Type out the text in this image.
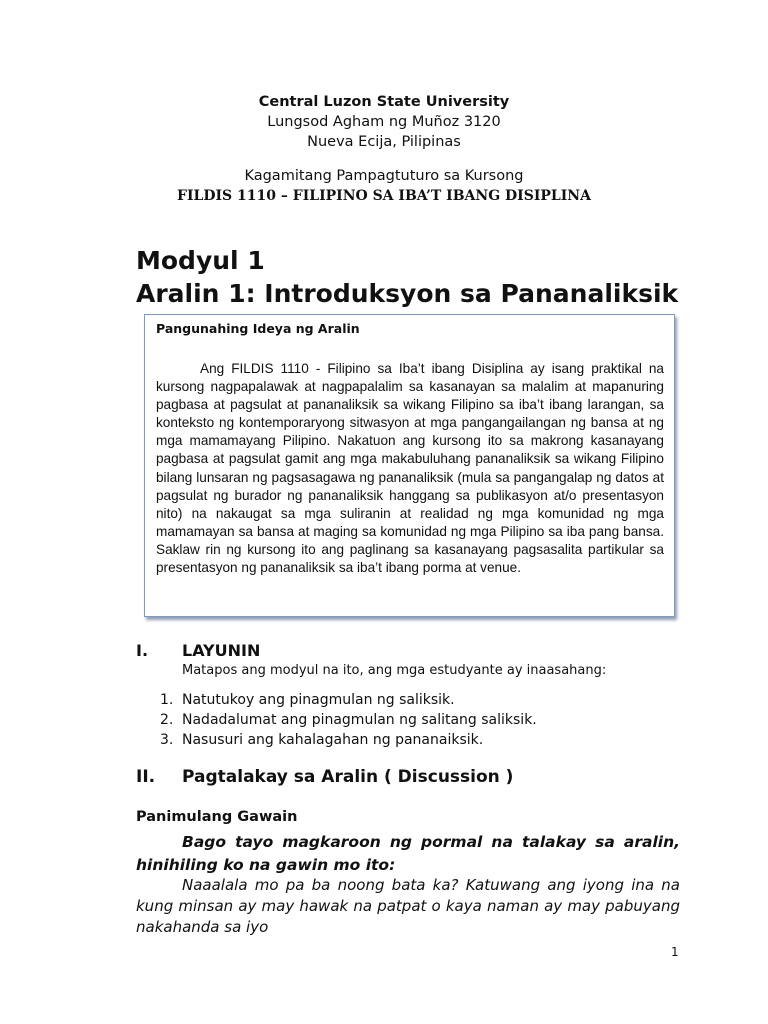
Central Luzon State University
Lungsod Agham ng Muñoz 3120
Nueva Ecija, Pilipinas
Kagamitang Pampagtuturo sa Kursong
FILDIS 1110 – FILIPINO SA IBA’T IBANG DISIPLINA
Modyul 1
Aralin 1: Introduksyon sa Pananaliksik
Pangunahing Ideya ng Aralin

Ang FILDIS 1110 - Filipino sa Iba’t ibang Disiplina ay isang praktikal na kursong nagpapalawak at nagpapalalim sa kasanayan sa malalim at mapanuring pagbasa at pagsulat at pananaliksik sa wikang Filipino sa iba’t ibang larangan, sa konteksto ng kontemporaryong sitwasyon at mga pangangailangan ng bansa at ng mga mamamayang Pilipino. Nakatuon ang kursong ito sa makrong kasanayang pagbasa at pagsulat gamit ang mga makabuluhang pananaliksik sa wikang Filipino bilang lunsaran ng pagsasagawa ng pananaliksik (mula sa pangangalap ng datos at pagsulat ng burador ng pananaliksik hanggang sa publikasyon at/o presentasyon nito) na nakaugat sa mga suliranin at realidad ng mga komunidad ng mga mamamayan sa bansa at maging sa komunidad ng mga Pilipino sa iba pang bansa. Saklaw rin ng kursong ito ang paglinang sa kasanayang pagsasalita partikular sa presentasyon ng pananaliksik sa iba’t ibang porma at venue.

I. LAYUNIN
Matapos ang modyul na ito, ang mga estudyante ay inaasahang:
1. Natutukoy ang pinagmulan ng saliksik.
2. Nadadalumat ang pinagmulan ng salitang saliksik.
3. Nasusuri ang kahalagahan ng pananaiksik.
II. Pagtalakay sa Aralin ( Discussion )
Panimulang Gawain
Bago tayo magkaroon ng pormal na talakay sa aralin, hinihiling ko na gawin mo ito:
Naaalala mo pa ba noong bata ka? Katuwang ang iyong ina na kung minsan ay may hawak na patpat o kaya naman ay may pabuyang nakahanda sa iyo
1
